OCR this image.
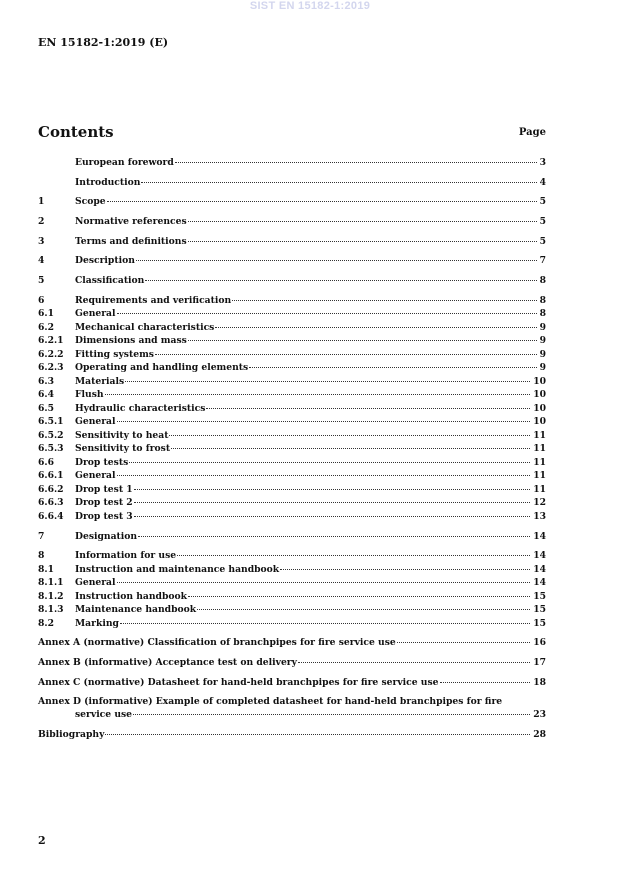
SIST EN 15182-1:2019
EN 15182-1:2019 (E)
Contents	Page
European foreword	3
Introduction	4
1	Scope	5
2	Normative references	5
3	Terms and definitions	5
4	Description	7
5	Classification	8
6	Requirements and verification	8
6.1	General	8
6.2	Mechanical characteristics	9
6.2.1	Dimensions and mass	9
6.2.2	Fitting systems	9
6.2.3	Operating and handling elements	9
6.3	Materials	10
6.4	Flush	10
6.5	Hydraulic characteristics	10
6.5.1	General	10
6.5.2	Sensitivity to heat	11
6.5.3	Sensitivity to frost	11
6.6	Drop tests	11
6.6.1	General	11
6.6.2	Drop test 1	11
6.6.3	Drop test 2	12
6.6.4	Drop test 3	13
7	Designation	14
8	Information for use	14
8.1	Instruction and maintenance handbook	14
8.1.1	General	14
8.1.2	Instruction handbook	15
8.1.3	Maintenance handbook	15
8.2	Marking	15
Annex A (normative) Classification of branchpipes for fire service use	16
Annex B (informative) Acceptance test on delivery	17
Annex C (normative) Datasheet for hand-held branchpipes for fire service use	18
Annex D (informative) Example of completed datasheet for hand-held branchpipes for fire
service use	23
Bibliography	28
2
